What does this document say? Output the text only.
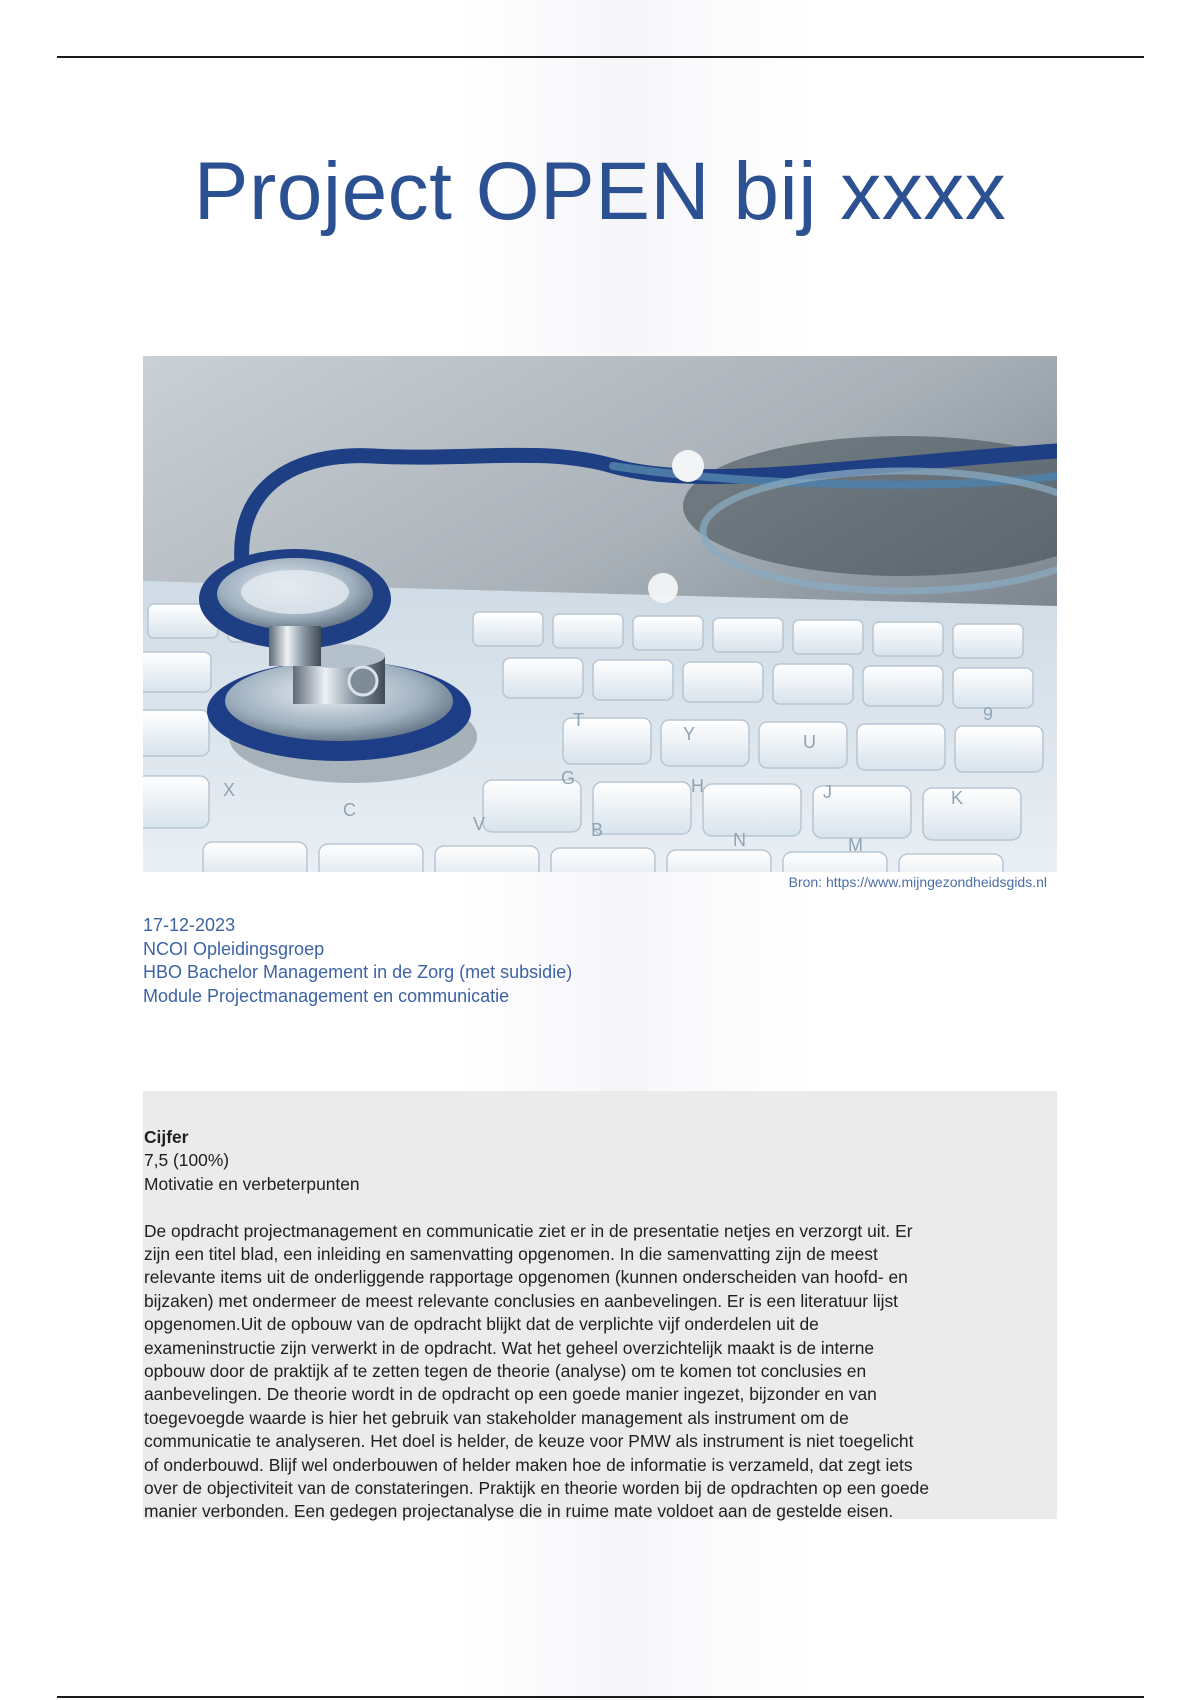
Project OPEN bij xxxx
G	H	J	K
Y	U
B	N	M
T
C
X
V
9
Bron: https://www.mijngezondheidsgids.nl
17-12-2023
NCOI Opleidingsgroep
HBO Bachelor Management in de Zorg (met subsidie)
Module Projectmanagement en communicatie
Cijfer
7,5 (100%)
Motivatie en verbeterpunten
De opdracht projectmanagement en communicatie ziet er in de presentatie netjes en verzorgt uit. Er
zijn een titel blad, een inleiding en samenvatting opgenomen. In die samenvatting zijn de meest
relevante items uit de onderliggende rapportage opgenomen (kunnen onderscheiden van hoofd- en
bijzaken) met ondermeer de meest relevante conclusies en aanbevelingen. Er is een literatuur lijst
opgenomen.Uit de opbouw van de opdracht blijkt dat de verplichte vijf onderdelen uit de
exameninstructie zijn verwerkt in de opdracht. Wat het geheel overzichtelijk maakt is de interne
opbouw door de praktijk af te zetten tegen de theorie (analyse) om te komen tot conclusies en
aanbevelingen. De theorie wordt in de opdracht op een goede manier ingezet, bijzonder en van
toegevoegde waarde is hier het gebruik van stakeholder management als instrument om de
communicatie te analyseren. Het doel is helder, de keuze voor PMW als instrument is niet toegelicht
of onderbouwd. Blijf wel onderbouwen of helder maken hoe de informatie is verzameld, dat zegt iets
over de objectiviteit van de constateringen. Praktijk en theorie worden bij de opdrachten op een goede
manier verbonden. Een gedegen projectanalyse die in ruime mate voldoet aan de gestelde eisen.
